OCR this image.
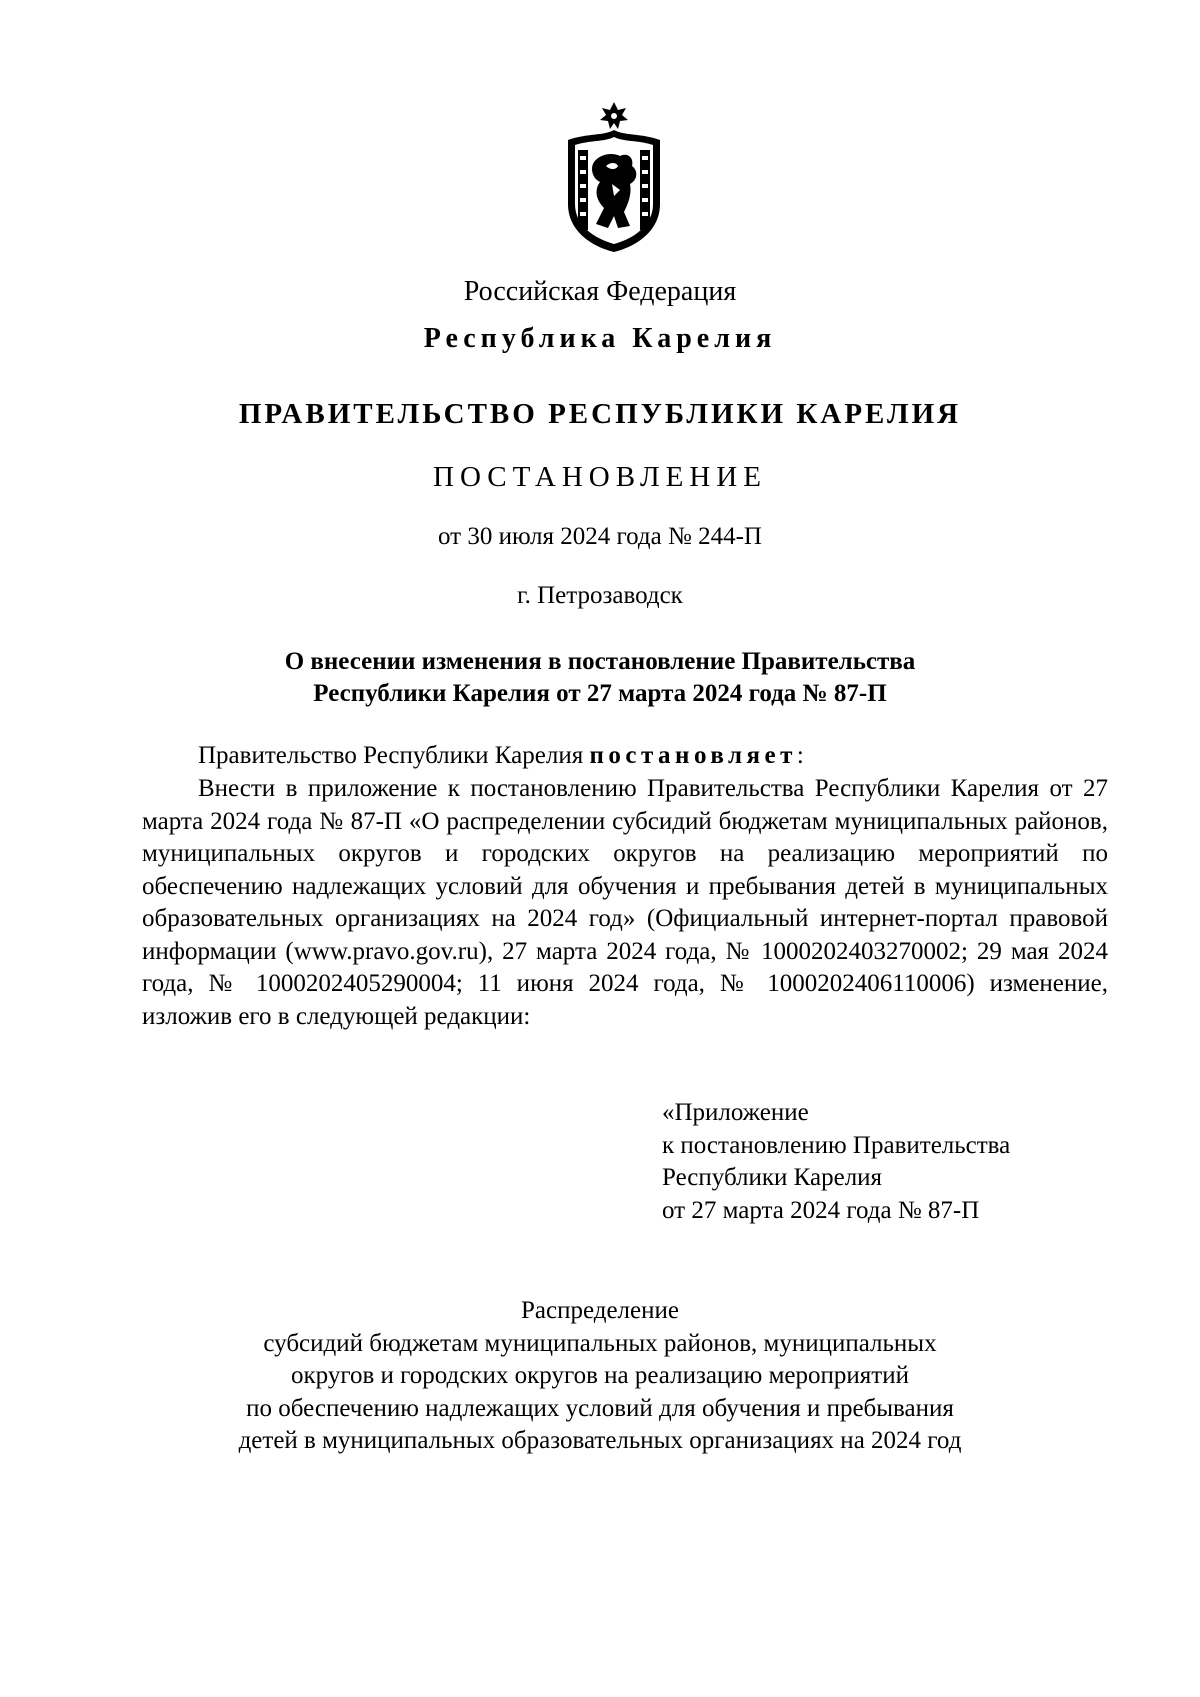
Российская Федерация
Республика Карелия
ПРАВИТЕЛЬСТВО РЕСПУБЛИКИ КАРЕЛИЯ
ПОСТАНОВЛЕНИЕ
от 30 июля 2024 года № 244-П
г. Петрозаводск
О внесении изменения в постановление Правительства
Республики Карелия от 27 марта 2024 года № 87-П
Правительство Республики Карелия постановляет:
Внести в приложение к постановлению Правительства Республики Карелия от 27 марта 2024 года № 87-П «О распределении субсидий бюджетам муниципальных районов, муниципальных округов и городских округов на реализацию мероприятий по обеспечению надлежащих условий для обучения и пребывания детей в муниципальных образовательных организациях на 2024 год» (Официальный интернет-портал правовой информации (www.pravo.gov.ru), 27 марта 2024 года, № 1000202403270002; 29 мая 2024 года, № 1000202405290004; 11 июня 2024 года, № 1000202406110006) изменение, изложив его в следующей редакции:
«Приложение
к постановлению Правительства
Республики Карелия
от 27 марта 2024 года № 87-П
Распределение
субсидий бюджетам муниципальных районов, муниципальных
округов и городских округов на реализацию мероприятий
по обеспечению надлежащих условий для обучения и пребывания
детей в муниципальных образовательных организациях на 2024 год
